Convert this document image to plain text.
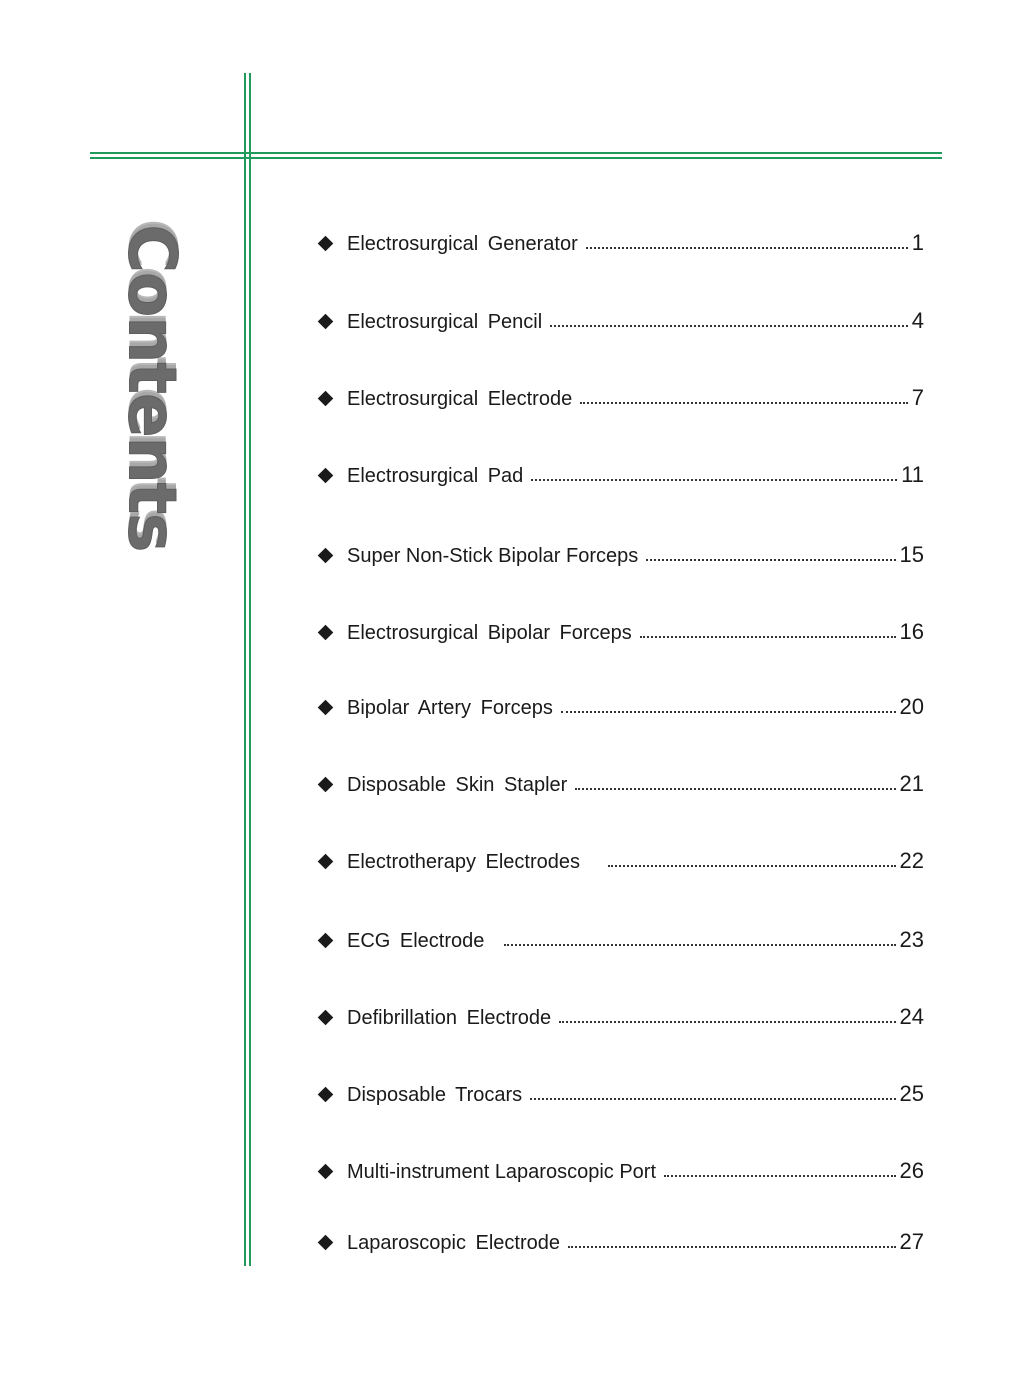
Contents	Electrosurgical Generator	1
Electrosurgical Pencil	4
Electrosurgical Electrode	7
Electrosurgical Pad	11
Super Non-Stick Bipolar Forceps	15
Electrosurgical Bipolar Forceps	16
Bipolar Artery Forceps	20
Disposable Skin Stapler	21
Electrotherapy Electrodes	22
ECG Electrode	23
Defibrillation Electrode	24
Disposable Trocars	25
Multi-instrument Laparoscopic Port	26
Laparoscopic Electrode	27
